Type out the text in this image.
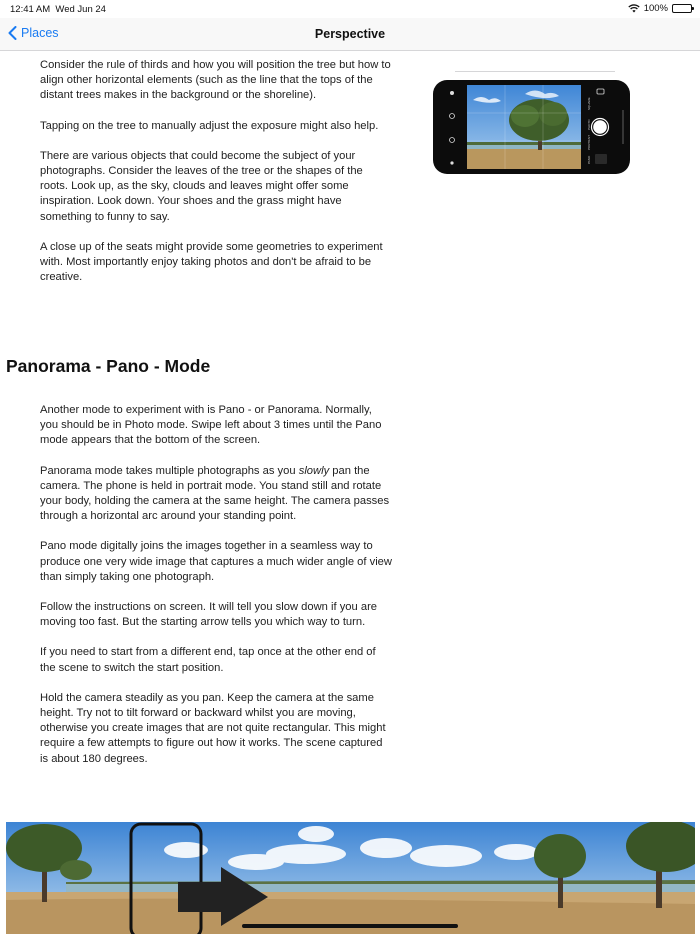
12:41 AM Wed Jun 24	100%
Places	Perspective

Consider the rule of thirds and how you will position the tree but how to align other horizontal elements (such as the line that the tops of the distant trees makes in the background or the shoreline).

Tapping on the tree to manually adjust the exposure might also help.

There are various objects that could become the subject of your photographs. Consider the leaves of the tree or the shapes of the roots. Look up, as the sky, clouds and leaves might offer some inspiration. Look down. Your shoes and the grass might have something to funny to say.

A close up of the seats might provide some geometries to experiment with. Most importantly enjoy taking photos and don't be afraid to be creative.

PHOTO
PORTRAIT
SQUARE
PANO
Panorama - Pano - Mode

Another mode to experiment with is Pano - or Panorama. Normally, you should be in Photo mode. Swipe left about 3 times until the Pano mode appears that the bottom of the screen.

Panorama mode takes multiple photographs as you slowly pan the camera. The phone is held in portrait mode. You stand still and rotate your body, holding the camera at the same height. The camera passes through a horizontal arc around your standing point.

Pano mode digitally joins the images together in a seamless way to produce one very wide image that captures a much wider angle of view than simply taking one photograph.

Follow the instructions on screen. It will tell you slow down if you are moving too fast. But the starting arrow tells you which way to turn.

If you need to start from a different end, tap once at the other end of the scene to switch the start position.

Hold the camera steadily as you pan. Keep the camera at the same height. Try not to tilt forward or backward whilst you are moving, otherwise you create images that are not quite rectangular. This might require a few attempts to figure out how it works. The scene captured is about 180 degrees.
